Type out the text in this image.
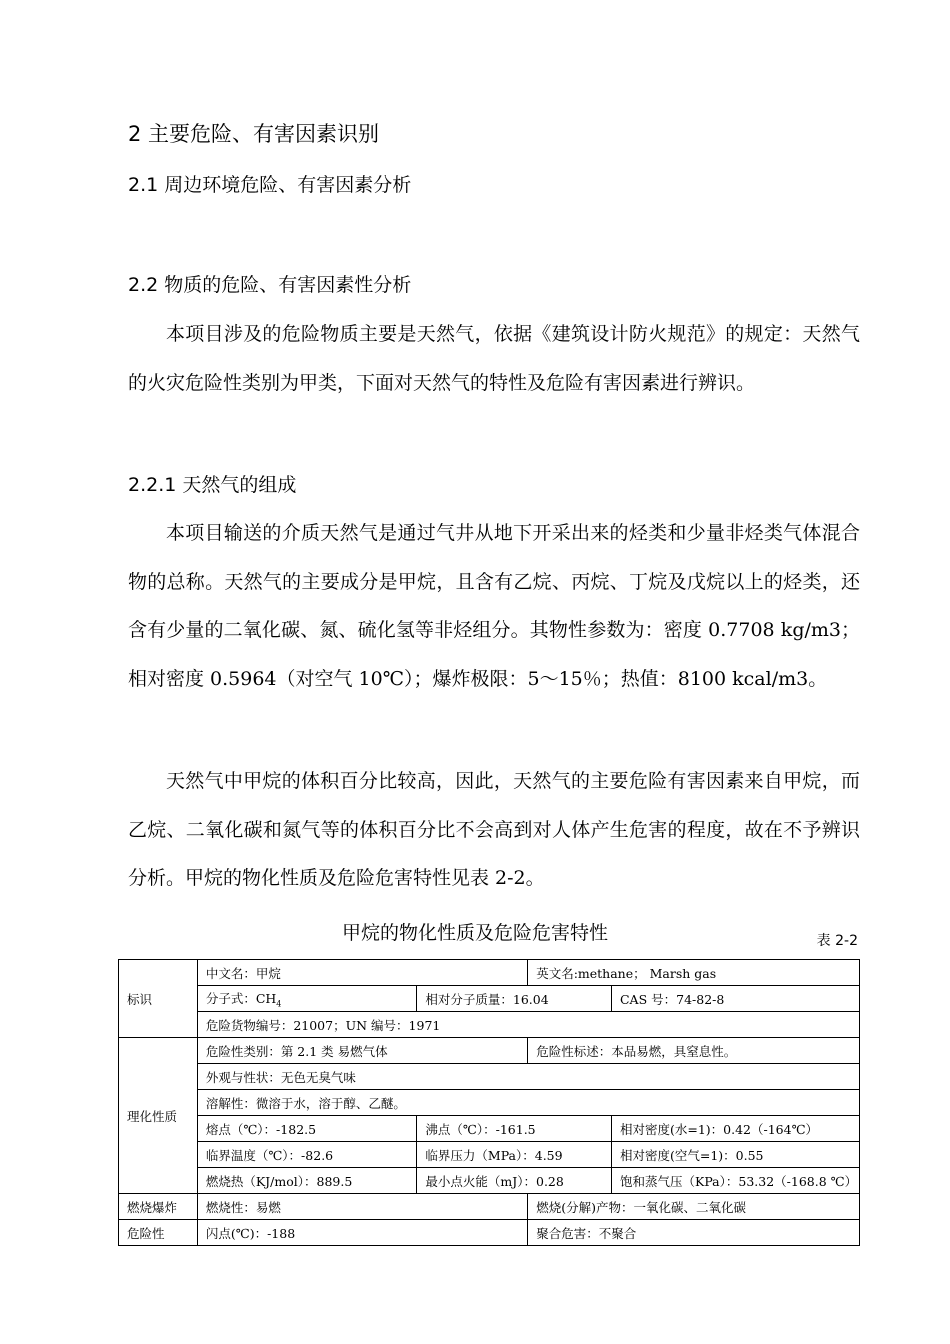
2 主要危险、有害因素识别
2.1 周边环境危险、有害因素分析
2.2 物质的危险、有害因素性分析

本项目涉及的危险物质主要是天然气，依据《建筑设计防火规范》的规定：天然气的火灾危险性类别为甲类，下面对天然气的特性及危险有害因素进行辨识。

2.2.1 天然气的组成

本项目输送的介质天然气是通过气井从地下开采出来的烃类和少量非烃类气体混合物的总称。天然气的主要成分是甲烷，且含有乙烷、丙烷、丁烷及戊烷以上的烃类，还含有少量的二氧化碳、氮、硫化氢等非烃组分。其物性参数为：密度 0.7708 kg/m3；相对密度 0.5964（对空气 10℃）；爆炸极限：5～15％；热值：8100 kcal/m3。

天然气中甲烷的体积百分比较高，因此，天然气的主要危险有害因素来自甲烷，而乙烷、二氧化碳和氮气等的体积百分比不会高到对人体产生危害的程度，故在不予辨识分析。甲烷的物化性质及危险危害特性见表 2-2。

甲烷的物化性质及危险危害特性	表 2-2

标识	中文名：甲烷		英文名:methane； Marsh gas	
	分子式：$CH_4$	相对分子质量：16.04		CAS 号：74-82-8
	危险货物编号：21007；UN 编号：1971			
理化性质	危险性类别：第 2.1 类 易燃气体		危险性标述：本品易燃，具窒息性。	
	外观与性状：无色无臭气味			
	溶解性：微溶于水，溶于醇、乙醚。			
	熔点（℃）：-182.5	沸点（℃）：-161.5		相对密度(水=1)：0.42（-164℃）
	临界温度（℃）：-82.6	临界压力（MPa）：4.59		相对密度(空气=1)：0.55
	燃烧热（KJ/mol）：889.5	最小点火能（mJ）：0.28		饱和蒸气压（KPa）：53.32（-168.8 ℃）
燃烧爆炸	燃烧性：易燃		燃烧(分解)产物：一氧化碳、二氧化碳	
危险性	闪点(℃)：-188		聚合危害：不聚合	
